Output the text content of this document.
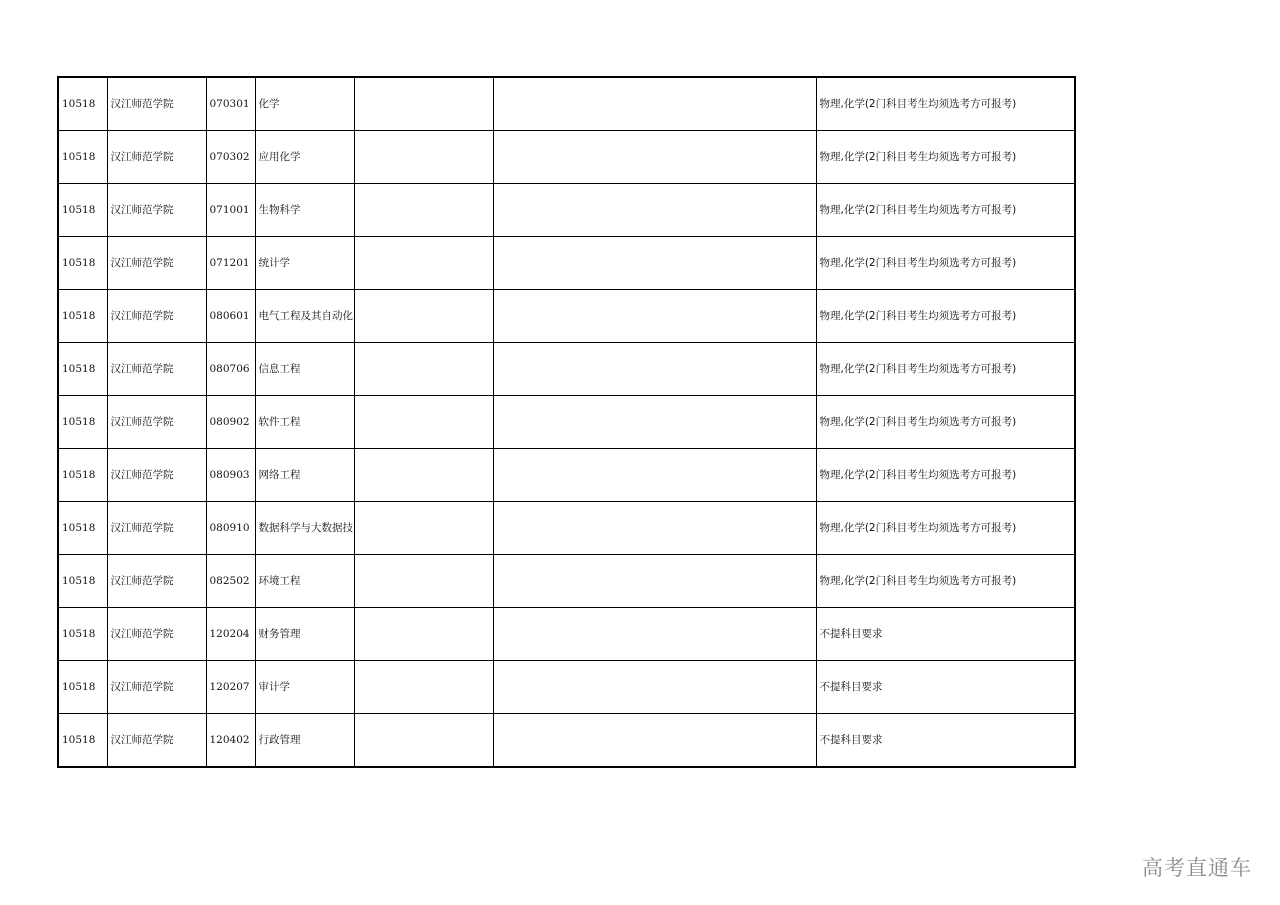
10518	汉江师范学院	070301	化学			物理,化学(2门科目考生均须选考方可报考)
10518	汉江师范学院	070302	应用化学			物理,化学(2门科目考生均须选考方可报考)
10518	汉江师范学院	071001	生物科学			物理,化学(2门科目考生均须选考方可报考)
10518	汉江师范学院	071201	统计学			物理,化学(2门科目考生均须选考方可报考)
10518	汉江师范学院	080601	电气工程及其自动化			物理,化学(2门科目考生均须选考方可报考)
10518	汉江师范学院	080706	信息工程			物理,化学(2门科目考生均须选考方可报考)
10518	汉江师范学院	080902	软件工程			物理,化学(2门科目考生均须选考方可报考)
10518	汉江师范学院	080903	网络工程			物理,化学(2门科目考生均须选考方可报考)
10518	汉江师范学院	080910	数据科学与大数据技			物理,化学(2门科目考生均须选考方可报考)
10518	汉江师范学院	082502	环境工程			物理,化学(2门科目考生均须选考方可报考)
10518	汉江师范学院	120204	财务管理			不提科目要求
10518	汉江师范学院	120207	审计学			不提科目要求
10518	汉江师范学院	120402	行政管理			不提科目要求
高考直通车
